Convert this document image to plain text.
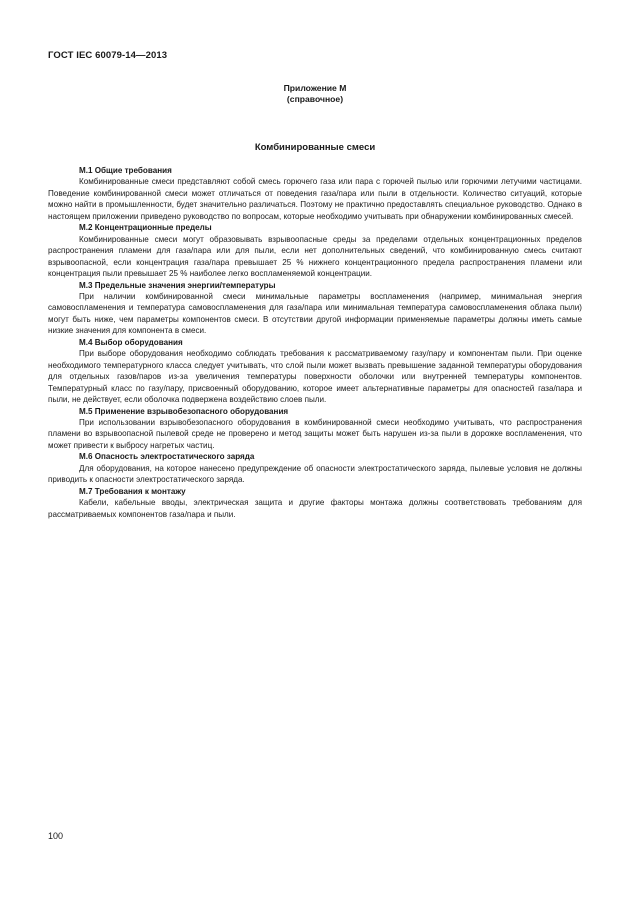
ГОСТ IEC 60079-14—2013
Приложение М
(справочное)
Комбинированные смеси

М.1 Общие требования

Комбинированные смеси представляют собой смесь горючего газа или пара с горючей пылью или горючими летучими частицами. Поведение комбинированной смеси может отличаться от поведения газа/пара или пыли в отдельности. Количество ситуаций, которые можно найти в промышленности, будет значительно различаться. Поэтому не практично предоставлять специальное руководство. Однако в настоящем приложении приведено руководство по вопросам, которые необходимо учитывать при обнаружении комбинированных смесей.

М.2 Концентрационные пределы

Комбинированные смеси могут образовывать взрывоопасные среды за пределами отдельных концентрационных пределов распространения пламени для газа/пара или для пыли, если нет дополнительных сведений, что комбинированную смесь считают взрывоопасной, если концентрация газа/пара превышает 25 % нижнего концентрационного предела распространения пламени или концентрация пыли превышает 25 % наиболее легко воспламеняемой концентрации.

М.3 Предельные значения энергии/температуры

При наличии комбинированной смеси минимальные параметры воспламенения (например, минимальная энергия самовоспламенения и температура самовоспламенения для газа/пара или минимальная температура самовоспламенения облака пыли) могут быть ниже, чем параметры компонентов смеси. В отсутствии другой информации применяемые параметры должны иметь самые низкие значения для компонента в смеси.

М.4 Выбор оборудования

При выборе оборудования необходимо соблюдать требования к рассматриваемому газу/пару и компонентам пыли. При оценке необходимого температурного класса следует учитывать, что слой пыли может вызвать превышение заданной температуры оборудования для отдельных газов/паров из-за увеличения температуры поверхности оболочки или внутренней температуры компонентов. Температурный класс по газу/пару, присвоенный оборудованию, которое имеет альтернативные параметры для опасностей газа/пара и пыли, не действует, если оболочка подвержена воздействию слоев пыли.

М.5 Применение взрывобезопасного оборудования

При использовании взрывобезопасного оборудования в комбинированной смеси необходимо учитывать, что распространения пламени во взрывоопасной пылевой среде не проверено и метод защиты может быть нарушен из-за пыли в дорожке воспламенения, что может привести к выбросу нагретых частиц.

М.6 Опасность электростатического заряда

Для оборудования, на которое нанесено предупреждение об опасности электростатического заряда, пылевые условия не должны приводить к опасности электростатического заряда.

М.7 Требования к монтажу

Кабели, кабельные вводы, электрическая защита и другие факторы монтажа должны соответствовать требованиям для рассматриваемых компонентов газа/пара и пыли.

100
